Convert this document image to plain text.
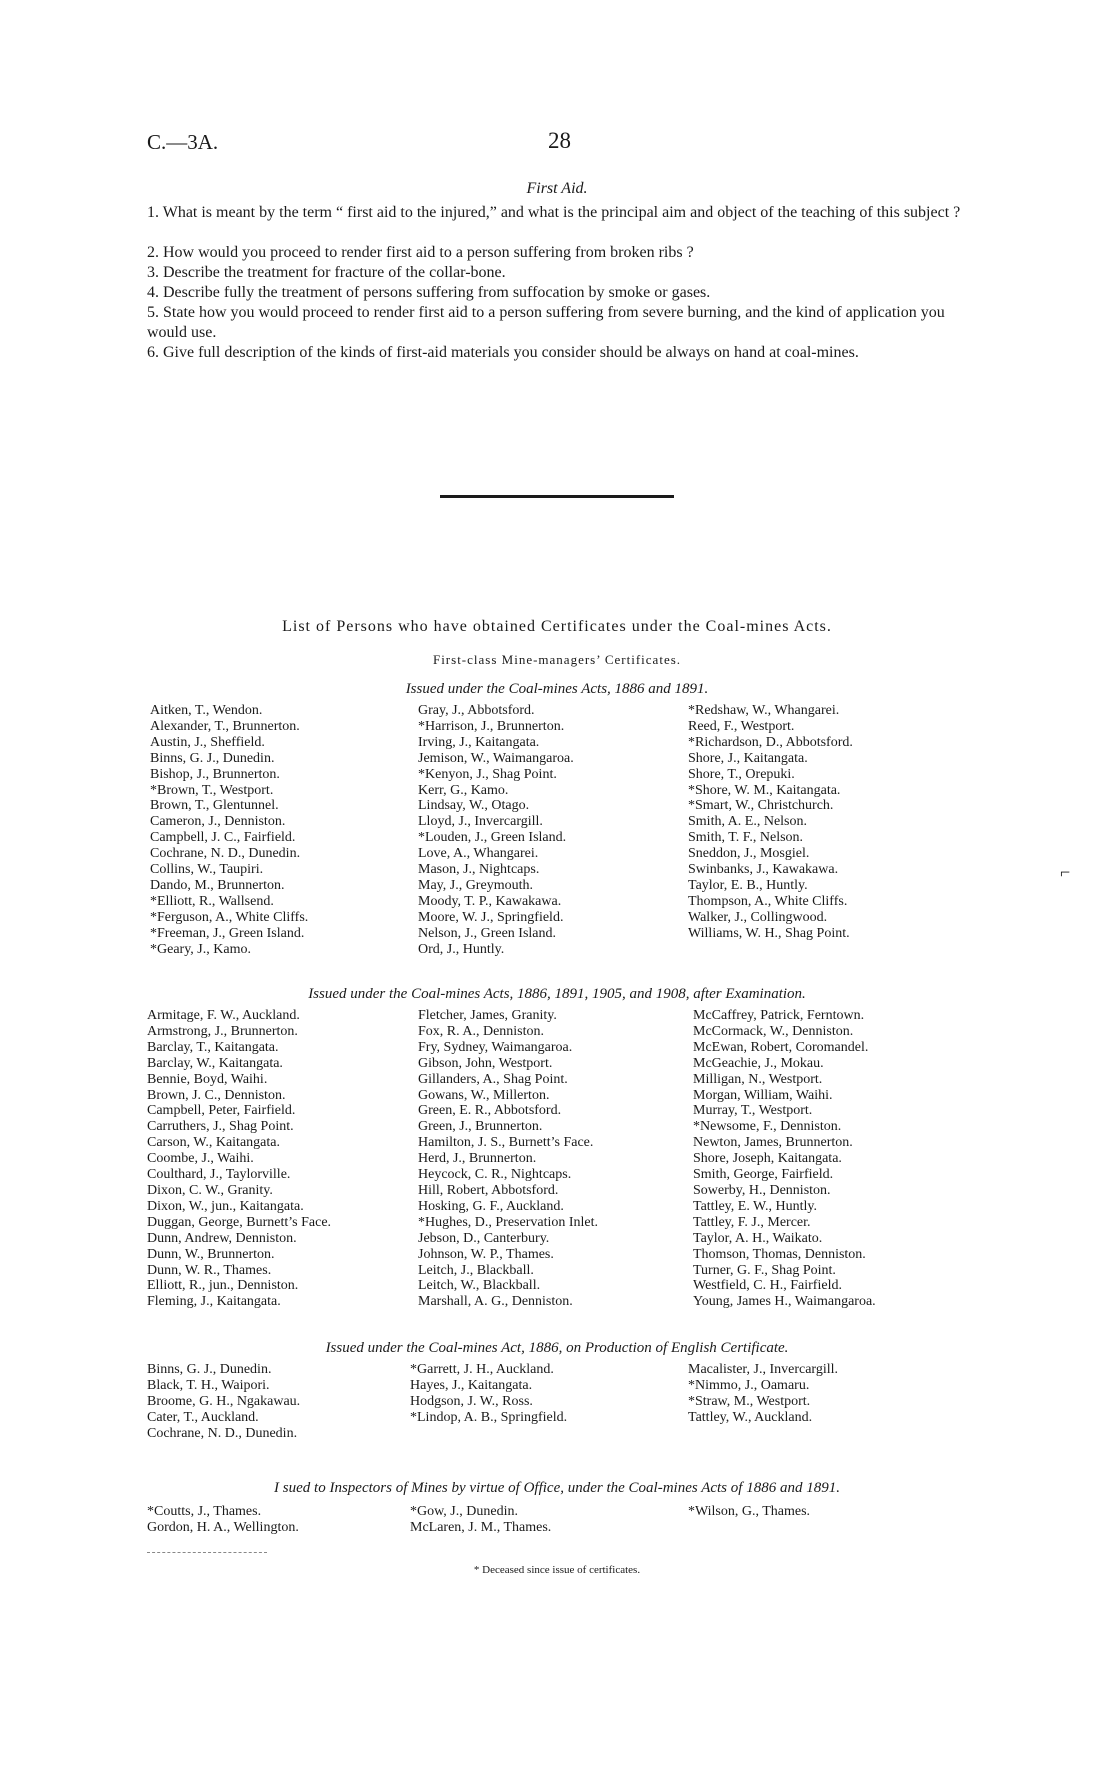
C.—3A.	28
First Aid.
1. What is meant by the term “ first aid to the injured,” and what is the principal aim and object of the teaching of this subject ?
2. How would you proceed to render first aid to a person suffering from broken ribs ?
3. Describe the treatment for fracture of the collar-bone.
4. Describe fully the treatment of persons suffering from suffocation by smoke or gases.
5. State how you would proceed to render first aid to a person suffering from severe burning, and the kind of application you would use.
6. Give full description of the kinds of first-aid materials you consider should be always on hand at coal-mines.
List of Persons who have obtained Certificates under the Coal-mines Acts.
First-class Mine-managers’ Certificates.
Issued under the Coal-mines Acts, 1886 and 1891.
Aitken, T., Wendon.
Alexander, T., Brunnerton.
Austin, J., Sheffield.
Binns, G. J., Dunedin.
Bishop, J., Brunnerton.
*Brown, T., Westport.
Brown, T., Glentunnel.
Cameron, J., Denniston.
Campbell, J. C., Fairfield.
Cochrane, N. D., Dunedin.
Collins, W., Taupiri.
Dando, M., Brunnerton.
*Elliott, R., Wallsend.
*Ferguson, A., White Cliffs.
*Freeman, J., Green Island.
*Geary, J., Kamo.
Gray, J., Abbotsford.
*Harrison, J., Brunnerton.
Irving, J., Kaitangata.
Jemison, W., Waimangaroa.
*Kenyon, J., Shag Point.
Kerr, G., Kamo.
Lindsay, W., Otago.
Lloyd, J., Invercargill.
*Louden, J., Green Island.
Love, A., Whangarei.
Mason, J., Nightcaps.
May, J., Greymouth.
Moody, T. P., Kawakawa.
Moore, W. J., Springfield.
Nelson, J., Green Island.
Ord, J., Huntly.
*Redshaw, W., Whangarei.
Reed, F., Westport.
*Richardson, D., Abbotsford.
Shore, J., Kaitangata.
Shore, T., Orepuki.
*Shore, W. M., Kaitangata.
*Smart, W., Christchurch.
Smith, A. E., Nelson.
Smith, T. F., Nelson.
Sneddon, J., Mosgiel.
Swinbanks, J., Kawakawa.
Taylor, E. B., Huntly.
Thompson, A., White Cliffs.
Walker, J., Collingwood.
Williams, W. H., Shag Point.
Issued under the Coal-mines Acts, 1886, 1891, 1905, and 1908, after Examination.
Armitage, F. W., Auckland.
Armstrong, J., Brunnerton.
Barclay, T., Kaitangata.
Barclay, W., Kaitangata.
Bennie, Boyd, Waihi.
Brown, J. C., Denniston.
Campbell, Peter, Fairfield.
Carruthers, J., Shag Point.
Carson, W., Kaitangata.
Coombe, J., Waihi.
Coulthard, J., Taylorville.
Dixon, C. W., Granity.
Dixon, W., jun., Kaitangata.
Duggan, George, Burnett’s Face.
Dunn, Andrew, Denniston.
Dunn, W., Brunnerton.
Dunn, W. R., Thames.
Elliott, R., jun., Denniston.
Fleming, J., Kaitangata.
Fletcher, James, Granity.
Fox, R. A., Denniston.
Fry, Sydney, Waimangaroa.
Gibson, John, Westport.
Gillanders, A., Shag Point.
Gowans, W., Millerton.
Green, E. R., Abbotsford.
Green, J., Brunnerton.
Hamilton, J. S., Burnett’s Face.
Herd, J., Brunnerton.
Heycock, C. R., Nightcaps.
Hill, Robert, Abbotsford.
Hosking, G. F., Auckland.
*Hughes, D., Preservation Inlet.
Jebson, D., Canterbury.
Johnson, W. P., Thames.
Leitch, J., Blackball.
Leitch, W., Blackball.
Marshall, A. G., Denniston.
McCaffrey, Patrick, Ferntown.
McCormack, W., Denniston.
McEwan, Robert, Coromandel.
McGeachie, J., Mokau.
Milligan, N., Westport.
Morgan, William, Waihi.
Murray, T., Westport.
*Newsome, F., Denniston.
Newton, James, Brunnerton.
Shore, Joseph, Kaitangata.
Smith, George, Fairfield.
Sowerby, H., Denniston.
Tattley, E. W., Huntly.
Tattley, F. J., Mercer.
Taylor, A. H., Waikato.
Thomson, Thomas, Denniston.
Turner, G. F., Shag Point.
Westfield, C. H., Fairfield.
Young, James H., Waimangaroa.
Issued under the Coal-mines Act, 1886, on Production of English Certificate.
Binns, G. J., Dunedin.
Black, T. H., Waipori.
Broome, G. H., Ngakawau.
Cater, T., Auckland.
Cochrane, N. D., Dunedin.
*Garrett, J. H., Auckland.
Hayes, J., Kaitangata.
Hodgson, J. W., Ross.
*Lindop, A. B., Springfield.
Macalister, J., Invercargill.
*Nimmo, J., Oamaru.
*Straw, M., Westport.
Tattley, W., Auckland.
I sued to Inspectors of Mines by virtue of Office, under the Coal-mines Acts of 1886 and 1891.
*Coutts, J., Thames.
Gordon, H. A., Wellington.
*Gow, J., Dunedin.
McLaren, J. M., Thames.
*Wilson, G., Thames.
* Deceased since issue of certificates.
⌐
